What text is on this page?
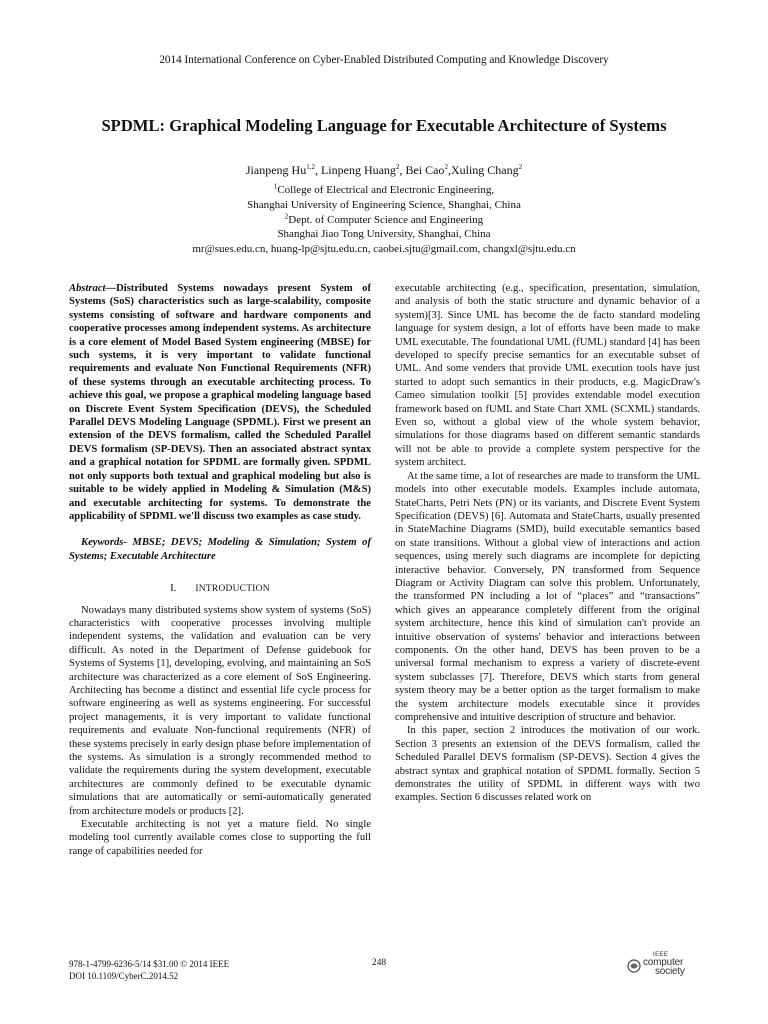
2014 International Conference on Cyber-Enabled Distributed Computing and Knowledge Discovery
SPDML: Graphical Modeling Language for Executable Architecture of Systems
Jianpeng Hu$^{1,2}$, Linpeng Huang$^2$, Bei Cao$^2$,Xuling Chang$^2$
$^1$College of Electrical and Electronic Engineering,
Shanghai University of Engineering Science, Shanghai, China
$^2$Dept. of Computer Science and Engineering
Shanghai Jiao Tong University, Shanghai, China
mr@sues.edu.cn, huang-lp@sjtu.edu.cn, caobei.sjtu@gmail.com, changxl@sjtu.edu.cn

Abstract—Distributed Systems nowadays present System of Systems (SoS) characteristics such as large-scalability, composite systems consisting of software and hardware components and cooperative processes among independent systems. As architecture is a core element of Model Based System engineering (MBSE) for such systems, it is very important to validate functional requirements and evaluate Non Functional Requirements (NFR) of these systems through an executable architecting process. To achieve this goal, we propose a graphical modeling language based on Discrete Event System Specification (DEVS), the Scheduled Parallel DEVS Modeling Language (SPDML). First we present an extension of the DEVS formalism, called the Scheduled Parallel DEVS formalism (SP-DEVS). Then an associated abstract syntax and a graphical notation for SPDML are formally given. SPDML not only supports both textual and graphical modeling but also is suitable to be widely applied in Modeling & Simulation (M&S) and executable architecting for systems. To demonstrate the applicability of SPDML we'll discuss two examples as case study.

Keywords- MBSE; DEVS; Modeling & Simulation; System of Systems; Executable Architecture

I. INTRODUCTION

Nowadays many distributed systems show system of systems (SoS) characteristics with cooperative processes involving multiple independent systems, the validation and evaluation can be very difficult. As noted in the Department of Defense guidebook for Systems of Systems [1], developing, evolving, and maintaining an SoS architecture was characterized as a core element of SoS Engineering. Architecting has become a distinct and essential life cycle process for software engineering as well as systems engineering. For successful project managements, it is very important to validate functional requirements and evaluate Non-functional requirements (NFR) of these systems precisely in early design phase before implementation of the systems. As simulation is a strongly recommended method to validate the requirements during the system development, executable architectures are commonly defined to be executable dynamic simulations that are automatically or semi-automatically generated from architecture models or products [2].

Executable architecting is not yet a mature field. No single modeling tool currently available comes close to supporting the full range of capabilities needed for

executable architecting (e.g., specification, presentation, simulation, and analysis of both the static structure and dynamic behavior of a system)[3]. Since UML has become the de facto standard modeling language for system design, a lot of efforts have been made to make UML executable. The foundational UML (fUML) standard [4] has been developed to specify precise semantics for an executable subset of UML. And some venders that provide UML execution tools have just started to adopt such semantics in their products, e.g. MagicDraw's Cameo simulation toolkit [5] provides extendable model execution framework based on fUML and State Chart XML (SCXML) standards. Even so, without a global view of the whole system behavior, simulations for those diagrams based on different semantic standards will not be able to provide a complete system perspective for the system architect.

At the same time, a lot of researches are made to transform the UML models into other executable models. Examples include automata, StateCharts, Petri Nets (PN) or its variants, and Discrete Event System Specification (DEVS) [6]. Automata and StateCharts, usually presented in StateMachine Diagrams (SMD), build executable semantics based on state transitions. Without a global view of interactions and action sequences, using merely such diagrams are incomplete for depicting interactive behavior. Conversely, PN transformed from Sequence Diagram or Activity Diagram can solve this problem. Unfortunately, the transformed PN including a lot of “places” and “transactions” which gives an appearance completely different from the original system architecture, hence this kind of simulation can't provide an intuitive observation of systems' behavior and interactions between components. On the other hand, DEVS has been proven to be a universal formal mechanism to express a variety of discrete-event system subclasses [7]. Therefore, DEVS which starts from general system theory may be a better option as the target formalism to make the system architecture models executable since it provides comprehensive and intuitive description of structure and behavior.

In this paper, section 2 introduces the motivation of our work. Section 3 presents an extension of the DEVS formalism, called the Scheduled Parallel DEVS formalism (SP-DEVS). Section 4 gives the abstract syntax and graphical notation of SPDML formally. Section 5 demonstrates the utility of SPDML in different ways with two examples. Section 6 discusses related work on

978-1-4799-6236-5/14 $31.00 © 2014 IEEE
DOI 10.1109/CyberC.2014.52
248
IEEE
computer
society
